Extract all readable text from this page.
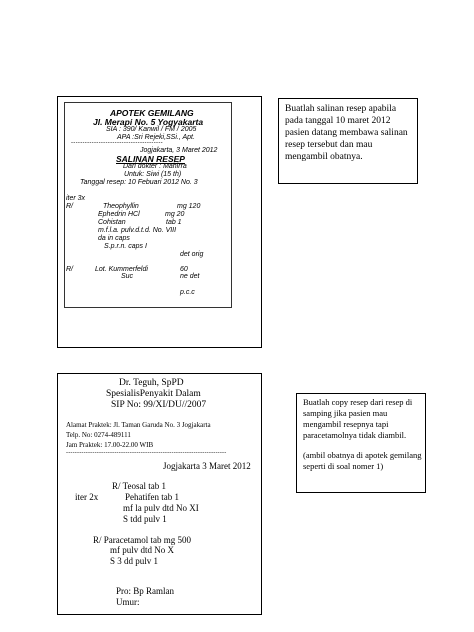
APOTEK GEMILANG
Jl. Merapi No. 5 Yogyakarta
SIA : 390/ Kanwil / FM / 2005
APA :Sri Rejeki,SSi., Apt.
----------------------------------------
Jogjakarta, 3 Maret 2012
SALINAN RESEP
Dari dokter : Mahirra
Untuk: Siwi (15 th)
Tanggal resep: 10 Febuari 2012 No. 3
iter 3x
R/	Theophyllin	mg 120
Ephedrin HCl	mg 20
Cohistan	tab 1
m.f.l.a. pulv.d.t.d. No. VIII
da in caps
S.p.r.n. caps I
det orig
R/	Lot. Kummerfeldi	60
Suc	ne det
p.c.c
Buatlah salinan resep apabila pada tanggal 10 maret 2012 pasien datang membawa salinan resep tersebut dan mau mengambil obatnya.
Dr. Teguh, SpPD
SpesialisPenyakit Dalam
SIP No: 99/XI/DU//2007
Alamat Praktek: Jl. Taman Garuda No. 3 Jogjakarta
Telp. No: 0274-489111
Jam Praktek: 17.00-22.00 WIB
-------------------------------------------------------------------------
Jogjakarta 3 Maret 2012
R/ Teosal tab 1
iter 2x	Pehatifen tab 1
mf la pulv dtd No XI
S tdd pulv 1
R/ Paracetamol tab mg 500
mf pulv dtd No X
S 3 dd pulv 1
Pro: Bp Ramlan
Umur:
Buatlah copy resep dari resep di samping jika pasien mau mengambil resepnya tapi paracetamolnya tidak diambil.
(ambil obatnya di apotek gemilang seperti di soal nomer 1)
